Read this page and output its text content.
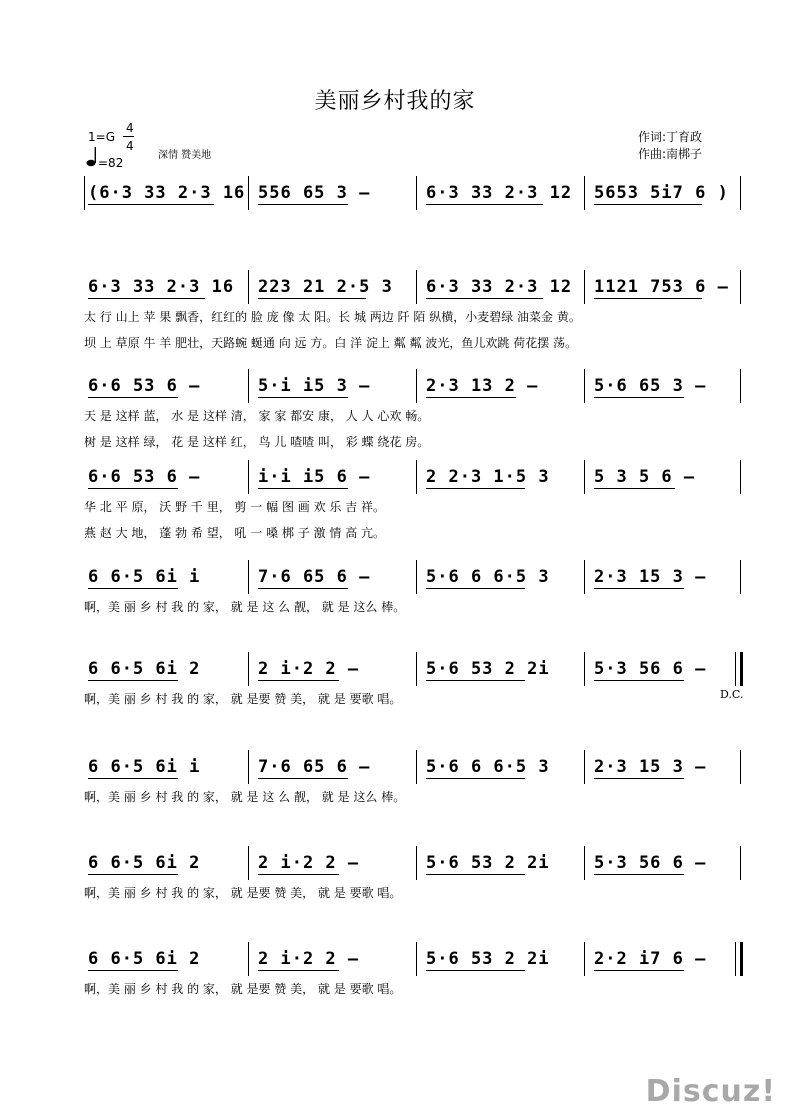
美丽乡村我的家
1=G
4
4
=82
深情 赞美地
作词:丁育政
作曲:南梆子
(6·3 33 2·3 16 556 65 3 –	6·3 33 2·3 12 5653 5i7 6 )
6·3 33 2·3 16 223 21 2·5 3 6·3 33 2·3 12 1121 753 6 –
太 行 山上 苹 果 飘香，红红的 脸 庞 像 太 阳。长 城 两边 阡 陌 纵横，小麦碧绿 油菜金 黄。
坝 上 草原 牛 羊 肥壮，天路蜿 蜒通 向 远 方。白 洋 淀上 粼 粼 波光，鱼儿欢跳 荷花摆 荡。
6·6 53 6 –	5·i i5 3 –	2·3 13 2 –	5·6 65 3 –
天 是 这样 蓝， 水 是 这样 清， 家 家 都安 康， 人 人 心欢 畅。
树 是 这样 绿， 花 是 这样 红， 鸟 儿 喳喳 叫， 彩 蝶 绕花 房。
6·6 53 6 –	i·i i5 6 –	2 2·3 1·5 3	5 3 5 6 –
华 北 平 原， 沃 野 千 里， 剪 一 幅 图 画 欢 乐 吉 祥。
燕 赵 大 地， 蓬 勃 希 望， 吼 一 嗓 梆 子 激 情 高 亢。
6 6·5 6i i	7·6 65 6 –	5·6 6 6·5 3	2·3 15 3 –
啊，美 丽 乡 村 我 的 家， 就 是 这 么 靓， 就 是 这么 棒。
6 6·5 6i 2	2 i·2 2 –	5·6 53 2 2i	5·3 56 6 –
啊，美 丽 乡 村 我 的 家， 就 是要 赞 美， 就 是 要歌 唱。
6 6·5 6i i	7·6 65 6 –	5·6 6 6·5 3	2·3 15 3 –
啊，美 丽 乡 村 我 的 家， 就 是 这 么 靓， 就 是 这么 棒。
6 6·5 6i 2	2 i·2 2 –	5·6 53 2 2i	5·3 56 6 –
啊，美 丽 乡 村 我 的 家， 就 是要 赞 美， 就 是 要歌 唱。
6 6·5 6i 2	2 i·2 2 –	5·6 53 2 2i	2·2 i7 6 –
啊，美 丽 乡 村 我 的 家， 就 是要 赞 美， 就 是 要歌 唱。
D.C.
Discuz!
